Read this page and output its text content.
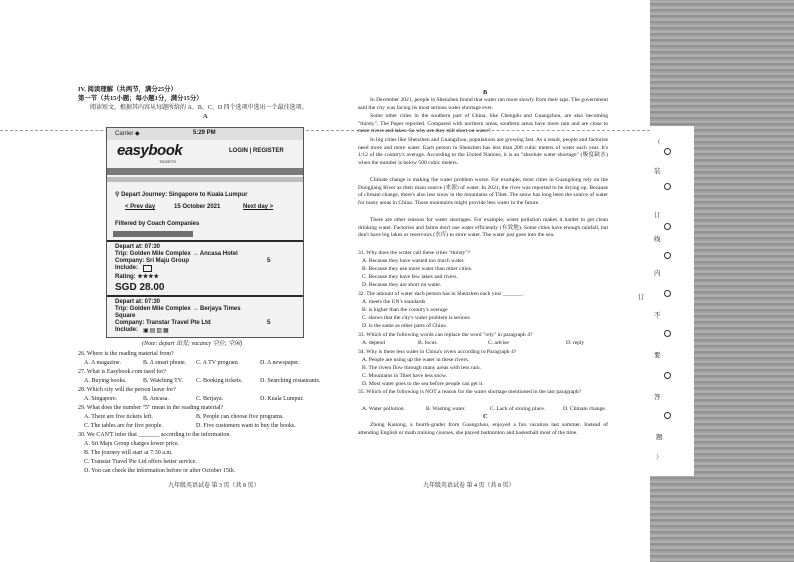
IV. 阅读理解（共两节，满分25分）
第一节（共15小题；每小题1分，满分15分）
阅读短文，根据其内容从每题所给的 A、B、C、D 四个选项中选出一个最佳选项。
A
Carrier ◆	5:29 PM
easybook
TICKETS
LOGIN | REGISTER
⚲ Depart Journey: Singapore to Kuala Lumpur
< Prev day	15 October 2021	Next day >
Filtered by Coach Companies
Depart at: 07:30
Trip: Golden Mile Complex → Ancasa Hotel
Company: Sri Maju Group	5
Include:
Rating: ★★★★
SGD 28.00
Depart at: 07:30
Trip: Golden Mile Complex → Berjaya Times
Square
Company: Transtar Travel Pte Ltd	5
Include: ▣▤▥▦
(Note: depart 出发; vacancy 空位; 空闲)
26. Where is the reading material from?
A. A magazine.	B. A smart phone. C. A TV program.	D. A newspaper.
27. What is Easybook.com used for?
A. Buying books.	B. Watching TV. C. Booking tickets.	D. Searching restaurants.
28. Which city will the person leave for?
A. Singapore.	B. Ancasa.	C. Berjaya.	D. Kuala Lumpur.
29. What does the number "5" mean in the reading material?
A. There are five tickets left.	B. People can choose five programs.
C. The tables are for five people.	D. Five customers want to buy the books.
30. We CAN'T infer that _______ according to the information.
A. Sri Maju Group charges lower price.
B. The journey will start at 7:30 a.m.
C. Transtar Travel Pte Ltd offers better service.
D. You can check the information before or after October 15th.
九年级英语试卷 第 3 页（共 8 页）
B
In December 2021, people in Shenzhen found that water ran more slowly from their taps. The government said the city was facing its most serious water shortage ever.
Some other cities in the southern part of China, like Chengdu and Guangzhou, are also becoming "thirsty", The Paper reported. Compared with northern areas, southern areas have more rain and are close to more rivers and lakes. So why are they still short on water?
In big cities like Shenzhen and Guangzhou, populations are growing fast. As a result, people and factories need more and more water. Each person in Shenzhen has less than 200 cubic meters of water each year. It's 1/12 of the country's average. According to the United Nations, it is an "absolute water shortage" (极度缺水) when the number is below 500 cubic meters.
Climate change is making the water problem worse. For example, most cities in Guangdong rely on the Dongjiang River as their main source (来源) of water. In 2021, the river was reported to be drying up. Because of climate change, there's also less snow in the mountains of Tibet. The snow has long been the source of water for many areas in China. Those mountains might provide less water in the future.
There are other reasons for water shortages. For example, water pollution makes it harder to get clean drinking water. Factories and farms don't use water efficiently (有效地). Some cities have enough rainfall, but don't have big lakes or reservoirs (水库) to store water. The water just goes into the sea.
31. Why does the writer call these cities "thirsty"?
A. Because they have wasted too much water.
B. Because they use more water than other cities.
C. Because they have few lakes and rivers.
D. Because they are short on water.
32. The amount of water each person has in Shenzhen each year _______.
A. meets the UN's standards
B. is higher than the country's average
C. shows that the city's water problem is serious
D. is the same as other parts of China
33. Which of the following words can replace the word "rely" in paragraph 4?
A. depend	B. focus	C. advise	D. reply
34. Why is there less water in China's rivers according to Paragraph 4?
A. People are using up the water in these rivers.
B. The rivers flow through many areas with less rain.
C. Mountains in Tibet have less snow.
D. Most water goes to the sea before people can get it.
35. Which of the following is NOT a reason for the water shortage mentioned in the last paragraph?
A. Water pollution.	B. Wasting water.	C. Lack of storing place.	D. Climate change.
C
Zhong Kaitong, a fourth-grader from Guangzhou, enjoyed a fun vacation last summer. Instead of attending English or math training courses, she played badminton and basketball most of the time.
九年级英语试卷 第 4 页（共 8 页）
（
装
订
线
内
不
要
答
题
）
订
